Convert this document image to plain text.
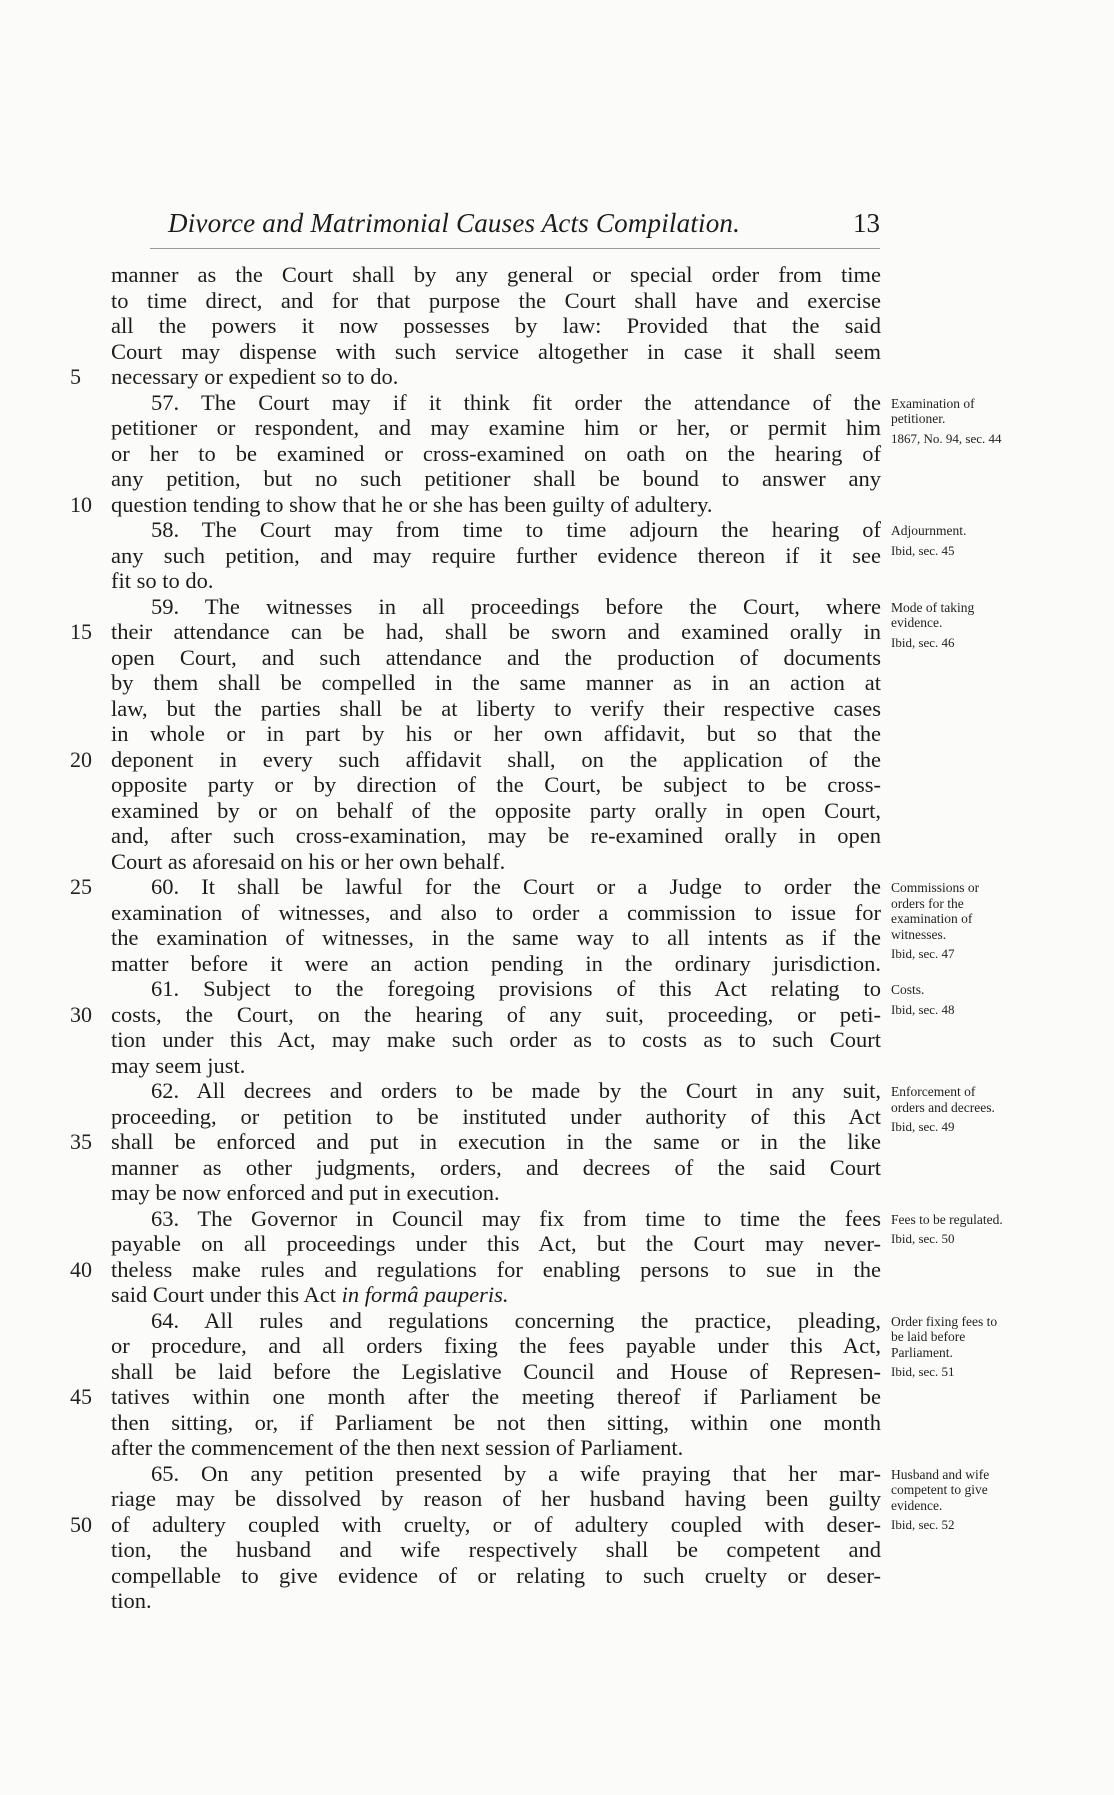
Divorce and Matrimonial Causes Acts Compilation.	13
manner as the Court shall by any general or special order from time
to time direct, and for that purpose the Court shall have and exercise
all the powers it now possesses by law: Provided that the said
Court may dispense with such service altogether in case it shall seem
necessary or expedient so to do.
57. The Court may if it think fit order the attendance of the
petitioner or respondent, and may examine him or her, or permit him
or her to be examined or cross-examined on oath on the hearing of
any petition, but no such petitioner shall be bound to answer any
question tending to show that he or she has been guilty of adultery.
58. The Court may from time to time adjourn the hearing of
any such petition, and may require further evidence thereon if it see
fit so to do.
59. The witnesses in all proceedings before the Court, where
their attendance can be had, shall be sworn and examined orally in
open Court, and such attendance and the production of documents
by them shall be compelled in the same manner as in an action at
law, but the parties shall be at liberty to verify their respective cases
in whole or in part by his or her own affidavit, but so that the
deponent in every such affidavit shall, on the application of the
opposite party or by direction of the Court, be subject to be cross-
examined by or on behalf of the opposite party orally in open Court,
and, after such cross-examination, may be re-examined orally in open
Court as aforesaid on his or her own behalf.
60. It shall be lawful for the Court or a Judge to order the
examination of witnesses, and also to order a commission to issue for
the examination of witnesses, in the same way to all intents as if the
matter before it were an action pending in the ordinary jurisdiction.
61. Subject to the foregoing provisions of this Act relating to
costs, the Court, on the hearing of any suit, proceeding, or peti-
tion under this Act, may make such order as to costs as to such Court
may seem just.
62. All decrees and orders to be made by the Court in any suit,
proceeding, or petition to be instituted under authority of this Act
shall be enforced and put in execution in the same or in the like
manner as other judgments, orders, and decrees of the said Court
may be now enforced and put in execution.
63. The Governor in Council may fix from time to time the fees
payable on all proceedings under this Act, but the Court may never-
theless make rules and regulations for enabling persons to sue in the
said Court under this Act in formâ pauperis.
64. All rules and regulations concerning the practice, pleading,
or procedure, and all orders fixing the fees payable under this Act,
shall be laid before the Legislative Council and House of Represen-
tatives within one month after the meeting thereof if Parliament be
then sitting, or, if Parliament be not then sitting, within one month
after the commencement of the then next session of Parliament.
65. On any petition presented by a wife praying that her mar-
riage may be dissolved by reason of her husband having been guilty
of adultery coupled with cruelty, or of adultery coupled with deser-
tion, the husband and wife respectively shall be competent and
compellable to give evidence of or relating to such cruelty or deser-
tion.
5
10
15
20
25
30
35
40
45
50
Examination of
petitioner.
1867, No. 94, sec. 44
Adjournment.
Ibid, sec. 45
Mode of taking
evidence.
Ibid, sec. 46
Commissions or
orders for the
examination of
witnesses.
Ibid, sec. 47
Costs.
Ibid, sec. 48
Enforcement of
orders and decrees.
Ibid, sec. 49
Fees to be regulated.
Ibid, sec. 50
Order fixing fees to
be laid before
Parliament.
Ibid, sec. 51
Husband and wife
competent to give
evidence.
Ibid, sec. 52
